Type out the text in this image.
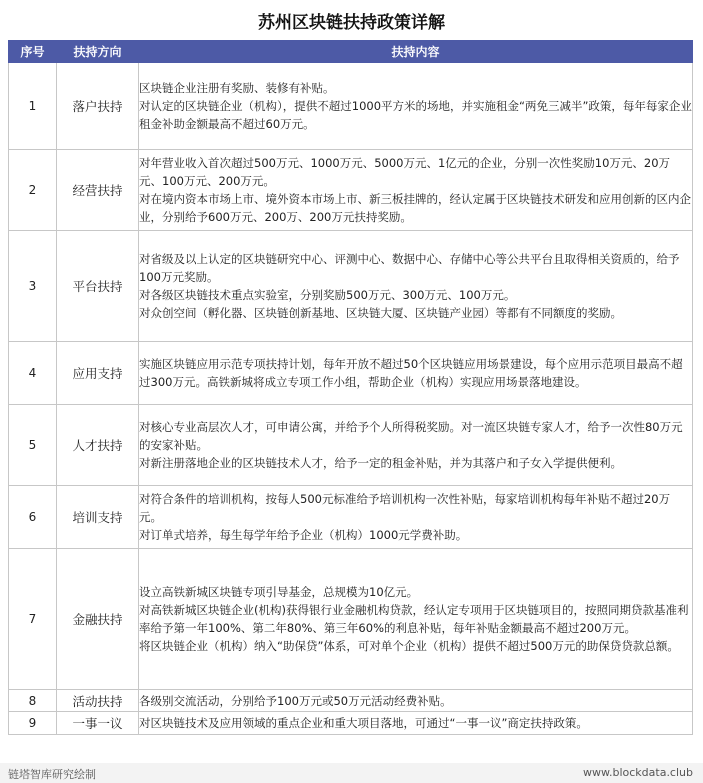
苏州区块链扶持政策详解
序号	扶持方向	扶持内容
1	落户扶持	区块链企业注册有奖励、装修有补贴。
对认定的区块链企业（机构），提供不超过1000平方米的场地，并实施租金“两免三减半”政策，每年每家企业租金补助金额最高不超过60万元。

2	经营扶持	对年营业收入首次超过500万元、1000万元、5000万元、1亿元的企业，分别一次性奖励10万元、20万元、100万元、200万元。
对在境内资本市场上市、境外资本市场上市、新三板挂牌的，经认定属于区块链技术研发和应用创新的区内企业，分别给予600万元、200万、200万元扶持奖励。

3	平台扶持	对省级及以上认定的区块链研究中心、评测中心、数据中心、存储中心等公共平台且取得相关资质的，给予100万元奖励。
对各级区块链技术重点实验室，分别奖励500万元、300万元、100万元。
对众创空间（孵化器、区块链创新基地、区块链大厦、区块链产业园）等都有不同额度的奖励。

4	应用支持	实施区块链应用示范专项扶持计划，每年开放不超过50个区块链应用场景建设，每个应用示范项目最高不超过300万元。高铁新城将成立专项工作小组，帮助企业（机构）实现应用场景落地建设。

5	人才扶持	对核心专业高层次人才，可申请公寓，并给予个人所得税奖励。对一流区块链专家人才，给予一次性80万元的安家补贴。
对新注册落地企业的区块链技术人才，给予一定的租金补贴，并为其落户和子女入学提供便利。

6	培训支持	对符合条件的培训机构，按每人500元标准给予培训机构一次性补贴，每家培训机构每年补贴不超过20万元。
对订单式培养，每生每学年给予企业（机构）1000元学费补助。

7	金融扶持	设立高铁新城区块链专项引导基金，总规模为10亿元。
对高铁新城区块链企业(机构)获得银行业金融机构贷款，经认定专项用于区块链项目的，按照同期贷款基准利率给予第一年100%、第二年80%、第三年60%的利息补贴，每年补贴金额最高不超过200万元。
将区块链企业（机构）纳入“助保贷”体系，可对单个企业（机构）提供不超过500万元的助保贷贷款总额。

8	活动扶持	各级别交流活动，分别给予100万元或50万元活动经费补贴。

9	一事一议	对区块链技术及应用领域的重点企业和重大项目落地，可通过“一事一议”商定扶持政策。
链塔智库研究绘制	www.blockdata.club
